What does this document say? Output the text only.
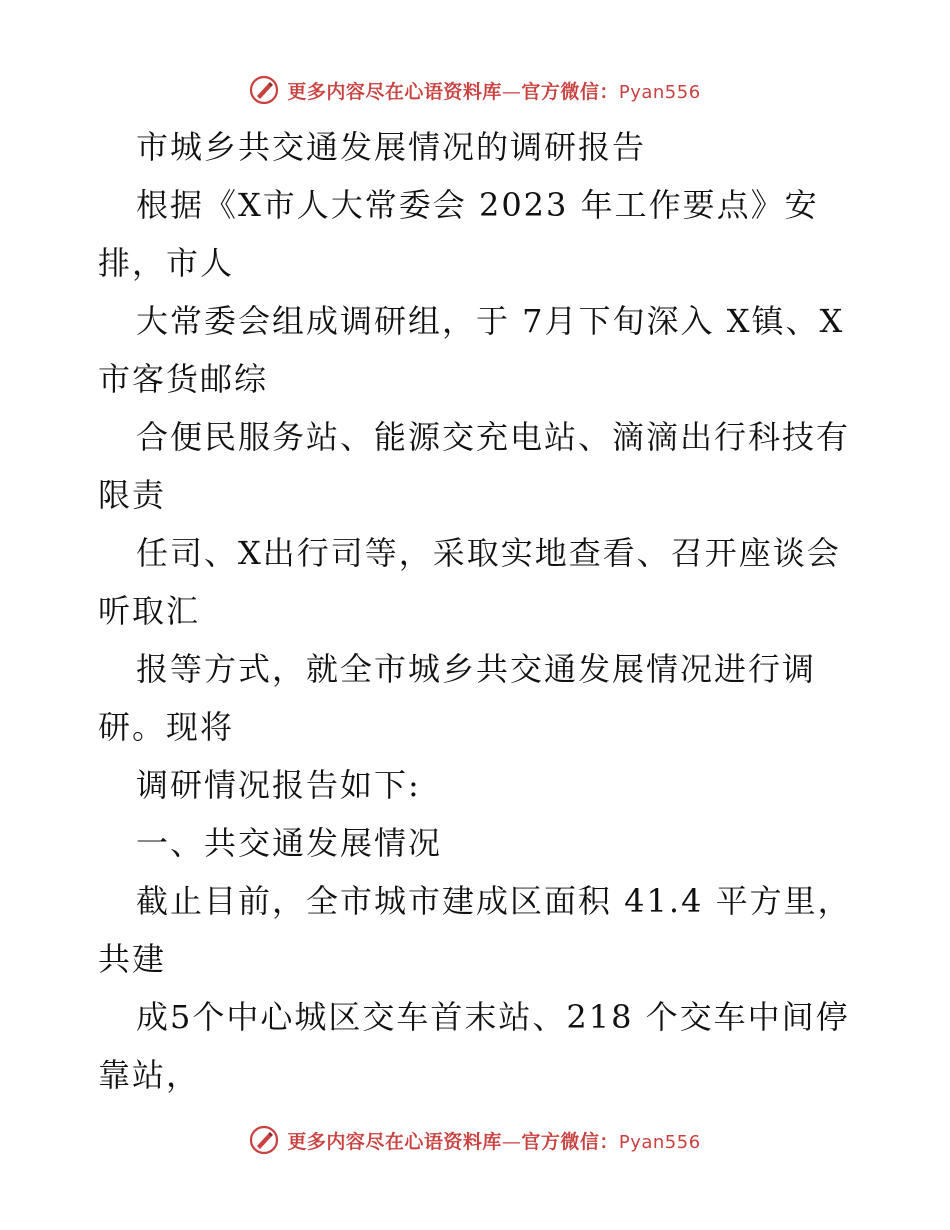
更多内容尽在心语资料库—官方微信：Pyan556
市城乡共交通发展情况的调研报告
根据《X市人大常委会 2023 年工作要点》安
排，市人
大常委会组成调研组，于 7月下旬深入 X镇、X
市客货邮综
合便民服务站、能源交充电站、滴滴出行科技有
限责
任司、X出行司等，采取实地查看、召开座谈会
听取汇
报等方式，就全市城乡共交通发展情况进行调
研。现将
调研情况报告如下:
一、共交通发展情况
截止目前，全市城市建成区面积 41.4 平方里，
共建
成5个中心城区交车首末站、218 个交车中间停
靠站，
更多内容尽在心语资料库—官方微信：Pyan556
